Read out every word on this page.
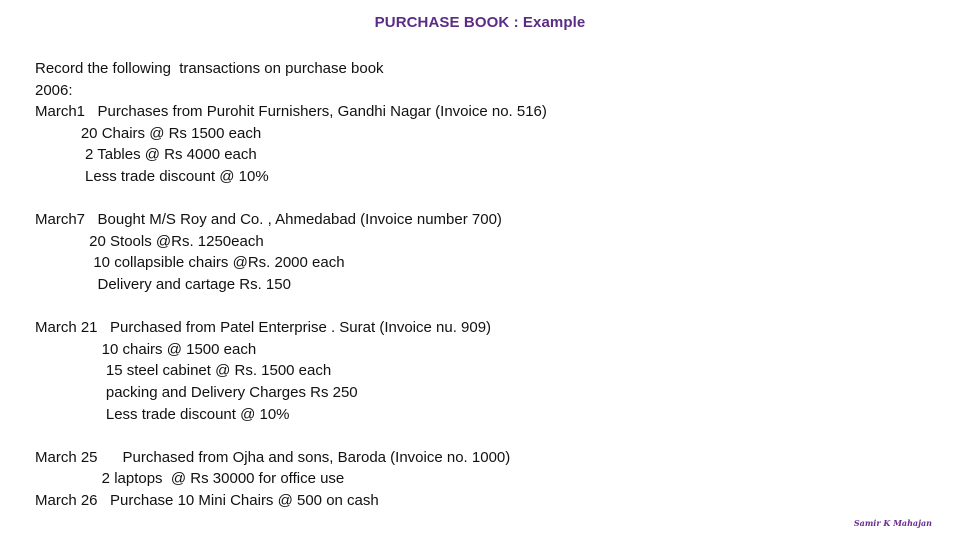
PURCHASE BOOK : Example
Record the following  transactions on purchase book
2006:
March1   Purchases from Purohit Furnishers, Gandhi Nagar (Invoice no. 516)
20 Chairs @ Rs 1500 each
2 Tables @ Rs 4000 each
Less trade discount @ 10%
March7   Bought M/S Roy and Co. , Ahmedabad (Invoice number 700)
20 Stools @Rs. 1250each
10 collapsible chairs @Rs. 2000 each
Delivery and cartage Rs. 150
March 21   Purchased from Patel Enterprise . Surat (Invoice nu. 909)
10 chairs @ 1500 each
15 steel cabinet @ Rs. 1500 each
packing and Delivery Charges Rs 250
Less trade discount @ 10%
March 25      Purchased from Ojha and sons, Baroda (Invoice no. 1000)
2 laptops  @ Rs 30000 for office use
March 26   Purchase 10 Mini Chairs @ 500 on cash
Samir K Mahajan
